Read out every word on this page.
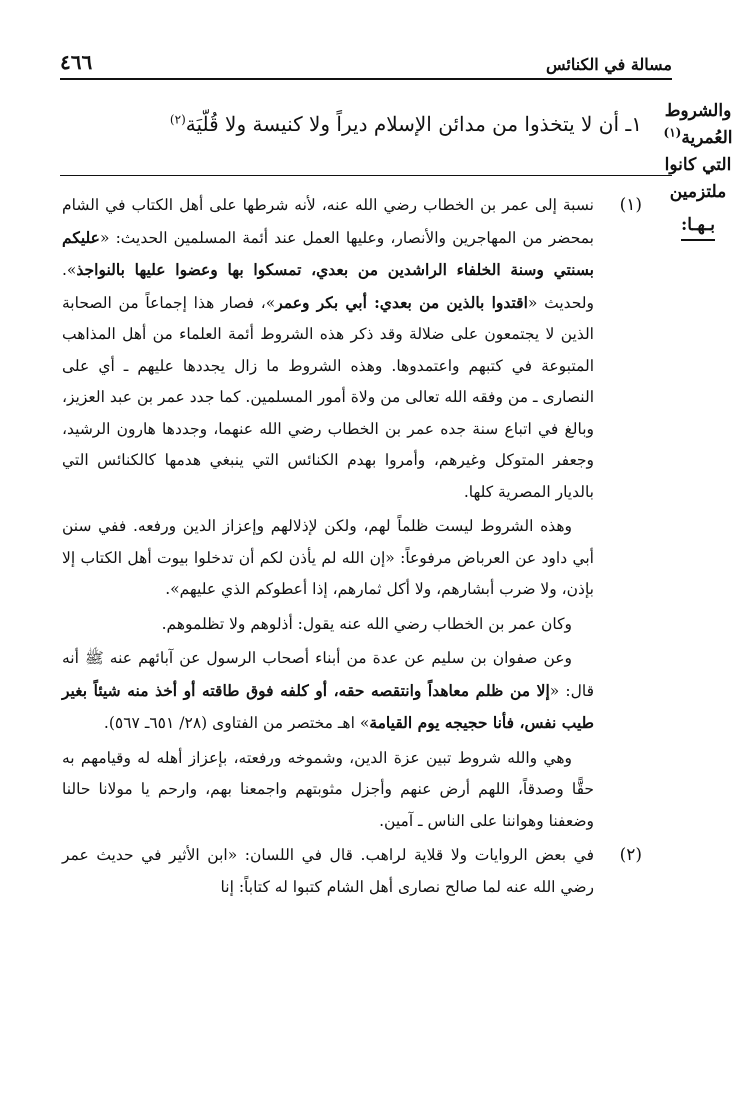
مسالة في الكنائس
٤٦٦
والشروط
العُمرية$^{(١)}$
التي كانوا
ملتزمين
بـهـا:
١ـ أن لا يتخذوا من مدائن الإسلام ديراً ولا كنيسة ولا قُلّيَة$^{(٢)}$
(١)

نسبة إلى عمر بن الخطاب رضي الله عنه، لأنه شرطها على أهل الكتاب في الشام بمحضر من المهاجرين والأنصار، وعليها العمل عند أئمة المسلمين الحديث: «عليكم بسنتي وسنة الخلفاء الراشدين من بعدي، تمسكوا بها وعضوا عليها بالنواجذ». ولحديث «اقتدوا بالذين من بعدي: أبي بكر وعمر»، فصار هذا إجماعاً من الصحابة الذين لا يجتمعون على ضلالة وقد ذكر هذه الشروط أئمة العلماء من أهل المذاهب المتبوعة في كتبهم واعتمدوها. وهذه الشروط ما زال يجددها عليهم ـ أي على النصارى ـ من وفقه الله تعالى من ولاة أمور المسلمين. كما جدد عمر بن عبد العزيز، وبالغ في اتباع سنة جده عمر بن الخطاب رضي الله عنهما، وجددها هارون الرشيد، وجعفر المتوكل وغيرهم، وأمروا بهدم الكنائس التي ينبغي هدمها كالكنائس التي بالديار المصرية كلها.

وهذه الشروط ليست ظلماً لهم، ولكن لإذلالهم وإعزاز الدين ورفعه. ففي سنن أبي داود عن العرباض مرفوعاً: «إن الله لم يأذن لكم أن تدخلوا بيوت أهل الكتاب إلا بإذن، ولا ضرب أبشارهم، ولا أكل ثمارهم، إذا أعطوكم الذي عليهم».

وكان عمر بن الخطاب رضي الله عنه يقول: أذلوهم ولا تظلموهم.

وعن صفوان بن سليم عن عدة من أبناء أصحاب الرسول عن آبائهم عنه ﷺ أنه قال: «إلا من ظلم معاهداً وانتقصه حقه، أو كلفه فوق طاقته أو أخذ منه شيئاً بغير طيب نفس، فأنا حجيجه يوم القيامة» اهـ مختصر من الفتاوى (٢٨/ ٦٥١ـ ٥٦٧).

وهي والله شروط تبين عزة الدين، وشموخه ورفعته، بإعزاز أهله له وقيامهم به حقًّا وصدقاً، اللهم أرض عنهم وأجزل مثوبتهم واجمعنا بهم، وارحم يا مولانا حالنا وضعفنا وهواننا على الناس ـ آمين.

(٢)

في بعض الروايات ولا قلاية لراهب. قال في اللسان: «ابن الأثير في حديث عمر رضي الله عنه لما صالح نصارى أهل الشام كتبوا له كتاباً: إنا
